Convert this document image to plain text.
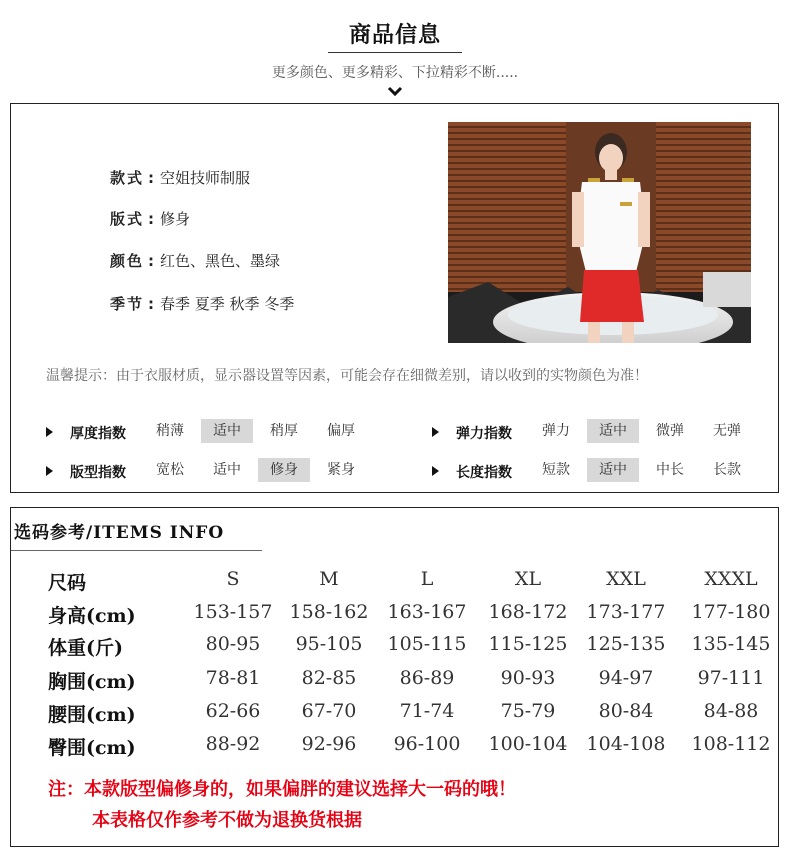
商品信息
更多颜色、更多精彩、下拉精彩不断.....
款式 : 空姐技师制服
版式 : 修身
颜色 : 红色、黑色、墨绿
季节 : 春季 夏季 秋季 冬季
温馨提示：由于衣服材质，显示器设置等因素，可能会存在细微差别，请以收到的实物颜色为准！
厚度指数	稍薄	适中	稍厚	偏厚	弹力指数	弹力	适中	微弹	无弹
版型指数	宽松	适中	修身	紧身	长度指数	短款	适中	中长	长款
选码参考/ITEMS INFO
尺码	S	M	L	XL	XXL	XXXL
身高(cm)	153-157 158-162	163-167	168-172	173-177	177-180
体重(斤)	80-95	95-105	105-115	115-125	125-135	135-145
胸围(cm)	78-81	82-85	86-89	90-93	94-97	97-111
腰围(cm)	62-66	67-70	71-74	75-79	80-84	84-88
臀围(cm)	88-92	92-96	96-100	100-104	104-108	108-112
注：本款版型偏修身的，如果偏胖的建议选择大一码的哦！
本表格仅作参考不做为退换货根据
